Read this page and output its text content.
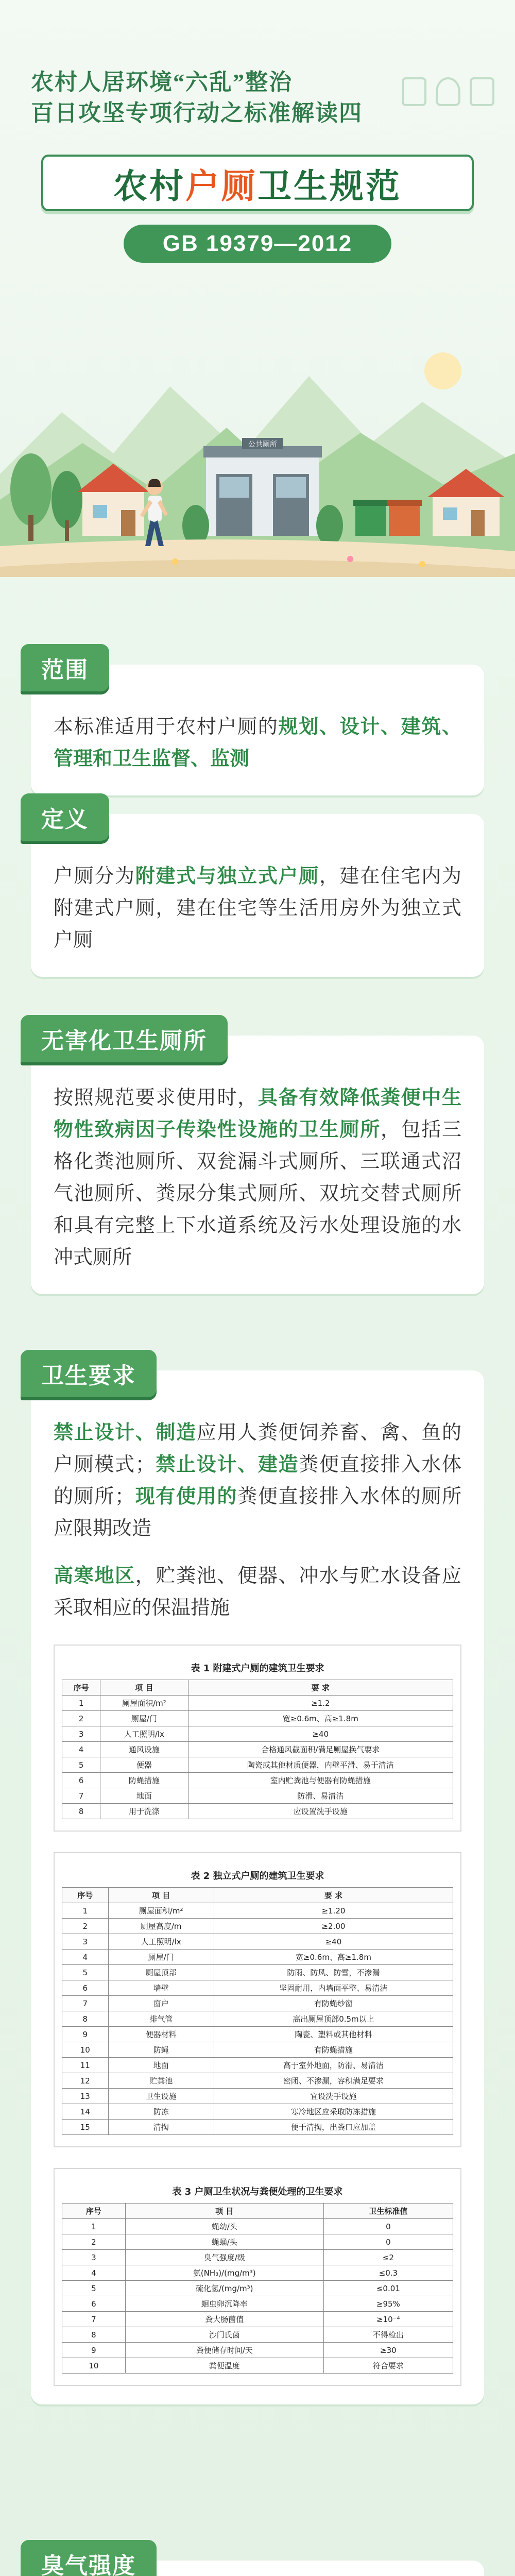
农村人居环境“六乱”整治
百日攻坚专项行动之标准解读四
农村户厕卫生规范
GB 19379—2012
公共厕所
范围

本标准适用于农村户厕的规划、设计、建筑、管理和卫生监督、监测

定义

户厕分为附建式与独立式户厕，建在住宅内为附建式户厕，建在住宅等生活用房外为独立式户厕

无害化卫生厕所

按照规范要求使用时，具备有效降低粪便中生物性致病因子传染性设施的卫生厕所，包括三格化粪池厕所、双瓮漏斗式厕所、三联通式沼气池厕所、粪尿分集式厕所、双坑交替式厕所和具有完整上下水道系统及污水处理设施的水冲式厕所

卫生要求

禁止设计、制造应用人粪便饲养畜、禽、鱼的户厕模式；禁止设计、建造粪便直接排入水体的厕所；现有使用的粪便直接排入水体的厕所应限期改造

高寒地区，贮粪池、便器、冲水与贮水设备应采取相应的保温措施

表 1 附建式户厕的建筑卫生要求
序号	项 目	要 求
1	厕屋面积/m²	≥1.2
2	厕屋/门	宽≥0.6m、高≥1.8m
3	人工照明/lx	≥40
4	通风设施	合格通风截面积/满足厕屋换气要求
5	便器	陶瓷或其他材质便器，内壁平滑、易于清洁
6	防蝇措施	室内贮粪池与便器有防蝇措施
7	地面	防滑、易清洁
8	用于洗涤	应设置洗手设施
表 2 独立式户厕的建筑卫生要求
序号	项 目	要 求
1	厕屋面积/m²	≥1.20
2	厕屋高度/m	≥2.00
3	人工照明/lx	≥40
4	厕屋/门	宽≥0.6m、高≥1.8m
5	厕屋顶部	防雨、防风、防雪，不渗漏
6	墙壁	坚固耐用，内墙面平整、易清洁
7	窗户	有防蝇纱窗
8	排气管	高出厕屋顶部0.5m以上
9	便器材料	陶瓷、塑料或其他材料
10	防蝇	有防蝇措施
11	地面	高于室外地面，防滑、易清洁
12	贮粪池	密闭、不渗漏，容积满足要求
13	卫生设施	宜设洗手设施
14	防冻	寒冷地区应采取防冻措施
15	清掏	便于清掏，出粪口应加盖
表 3 户厕卫生状况与粪便处理的卫生要求
序号	项 目	卫生标准值
1	蝇幼/头	0
2	蝇蛹/头	0
3	臭气强度/级	≤2
4	氨(NH₃)/(mg/m³)	≤0.3
5	硫化氢/(mg/m³)	≤0.01
6	蛔虫卵沉降率	≥95%
7	粪大肠菌值	≥10⁻⁴
8	沙门氏菌	不得检出
9	粪便储存时间/天	≥30
10	粪便温度	符合要求
臭气强度
